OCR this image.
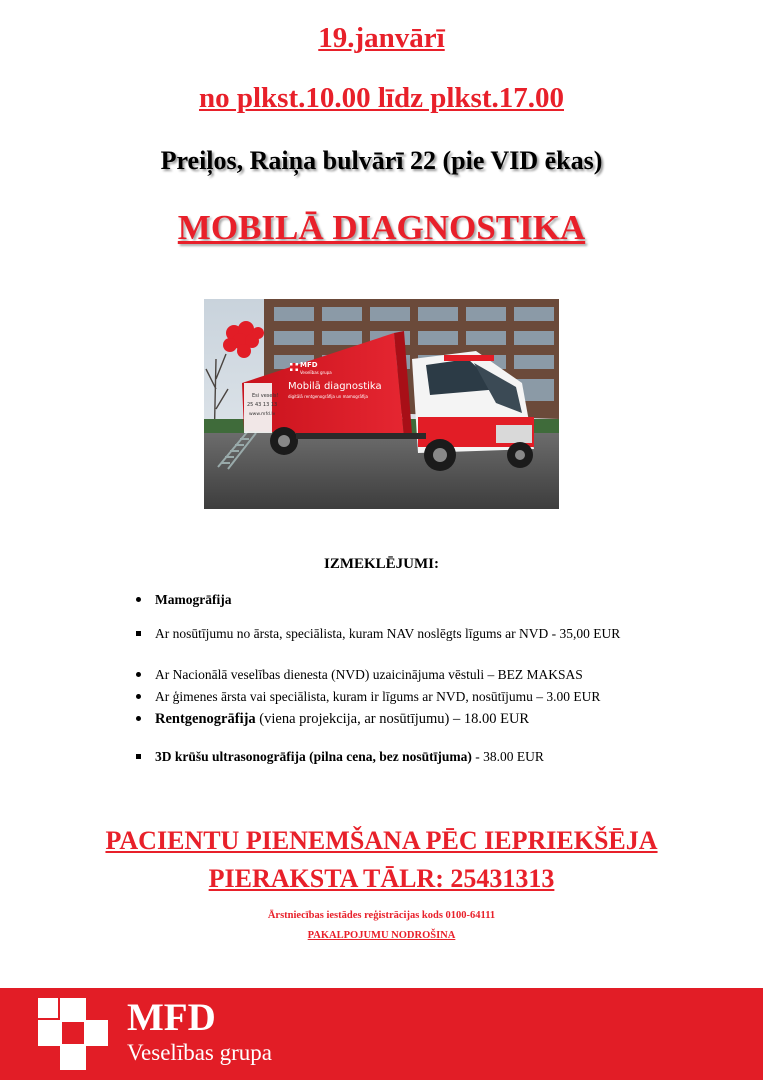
19.janvārī
no plkst.10.00 līdz plkst.17.00
Preiļos, Raiņa bulvārī 22 (pie VID ēkas)
MOBILĀ DIAGNOSTIKA
Esi vesels!
25 43 13 13
www.mfd.lv
MFD
Veselības grupa
Mobilā diagnostika
digitālā rentgenogrāfija un mamogrāfija
IZMEKLĒJUMI:
Mamogrāfija
Ar nosūtījumu no ārsta, speciālista, kuram NAV noslēgts līgums ar NVD - 35,00 EUR
Ar Nacionālā veselības dienesta (NVD) uzaicinājuma vēstuli – BEZ MAKSAS
Ar ģimenes ārsta vai speciālista, kuram ir līgums ar NVD, nosūtījumu – 3.00 EUR
Rentgenogrāfija (viena projekcija, ar nosūtījumu) – 18.00 EUR
3D krūšu ultrasonogrāfija (pilna cena, bez nosūtījuma) - 38.00 EUR
PACIENTU PIENEMŠANA PĒC IEPRIEKŠĒJA
PIERAKSTA TĀLR: 25431313
Ārstniecības iestādes reģistrācijas kods 0100-64111
PAKALPOJUMU NODROŠINA
MFD
Veselības grupa
